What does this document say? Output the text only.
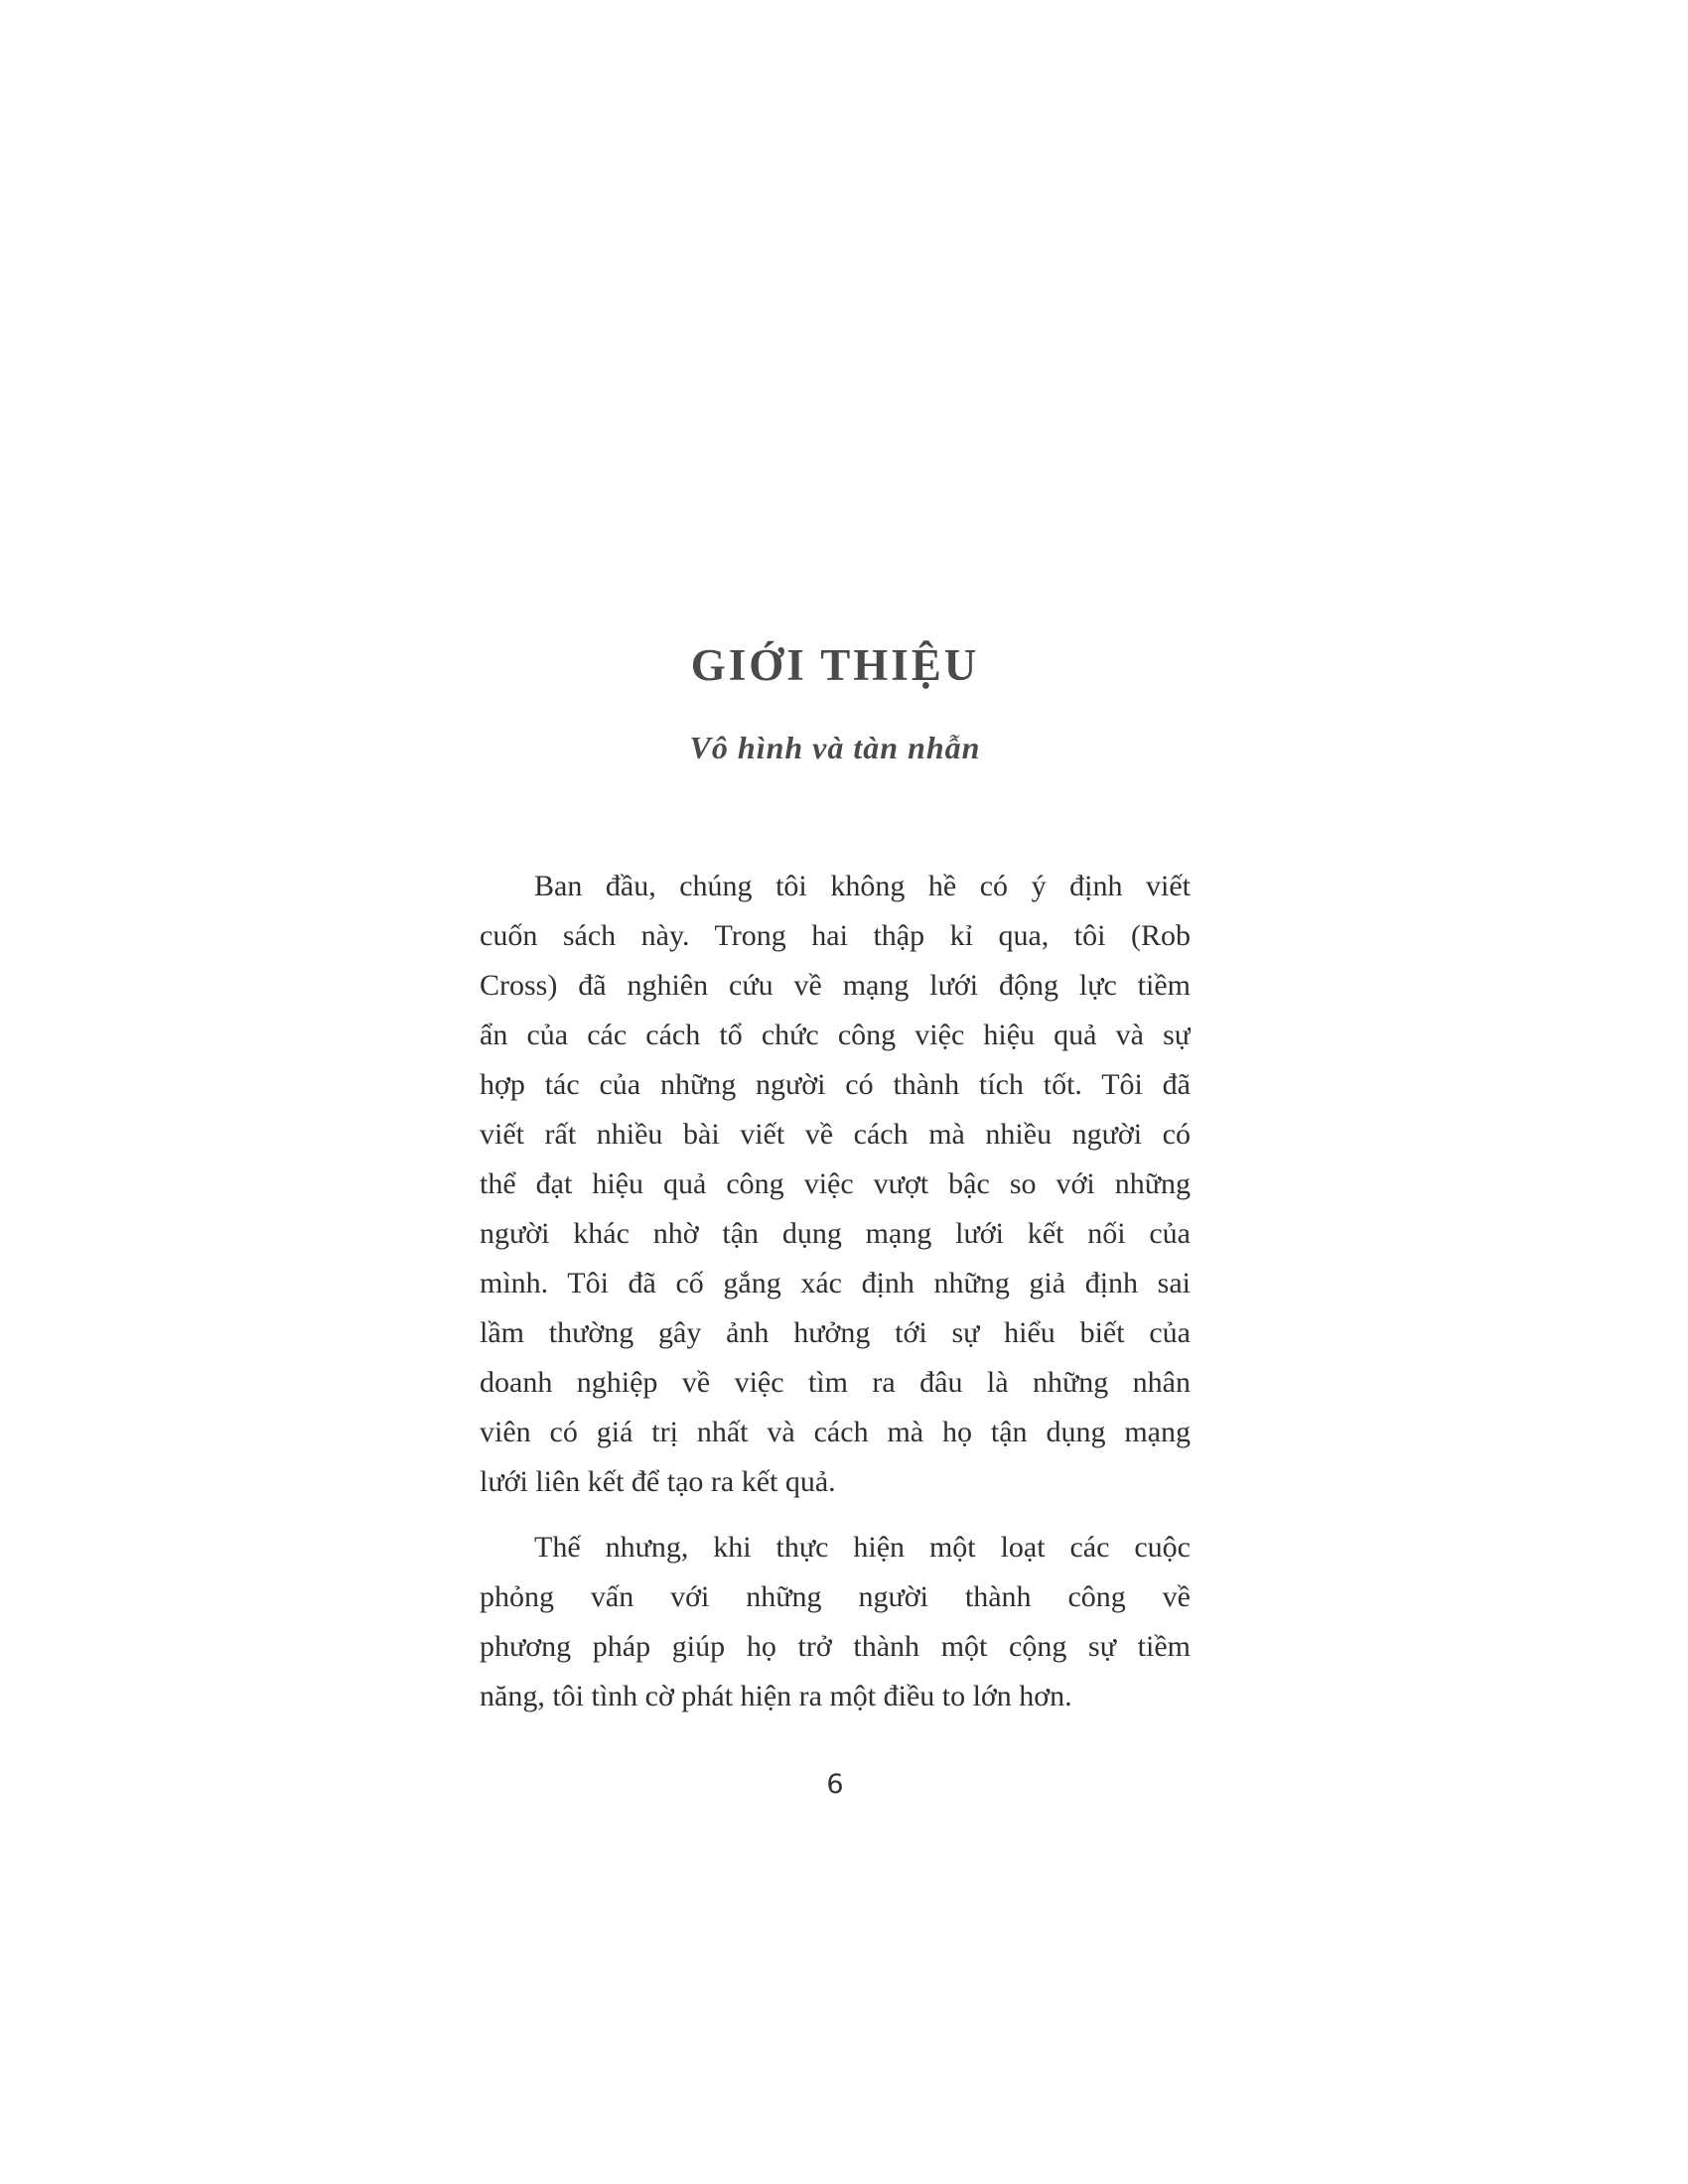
GIỚI THIỆU
Vô hình và tàn nhẫn
Ban đầu, chúng tôi không hề có ý định viết
cuốn sách này. Trong hai thập kỉ qua, tôi (Rob
Cross) đã nghiên cứu về mạng lưới động lực tiềm
ẩn của các cách tổ chức công việc hiệu quả và sự
hợp tác của những người có thành tích tốt. Tôi đã
viết rất nhiều bài viết về cách mà nhiều người có
thể đạt hiệu quả công việc vượt bậc so với những
người khác nhờ tận dụng mạng lưới kết nối của
mình. Tôi đã cố gắng xác định những giả định sai
lầm thường gây ảnh hưởng tới sự hiểu biết của
doanh nghiệp về việc tìm ra đâu là những nhân
viên có giá trị nhất và cách mà họ tận dụng mạng
lưới liên kết để tạo ra kết quả.
Thế nhưng, khi thực hiện một loạt các cuộc
phỏng vấn với những người thành công về
phương pháp giúp họ trở thành một cộng sự tiềm
năng, tôi tình cờ phát hiện ra một điều to lớn hơn.
6
